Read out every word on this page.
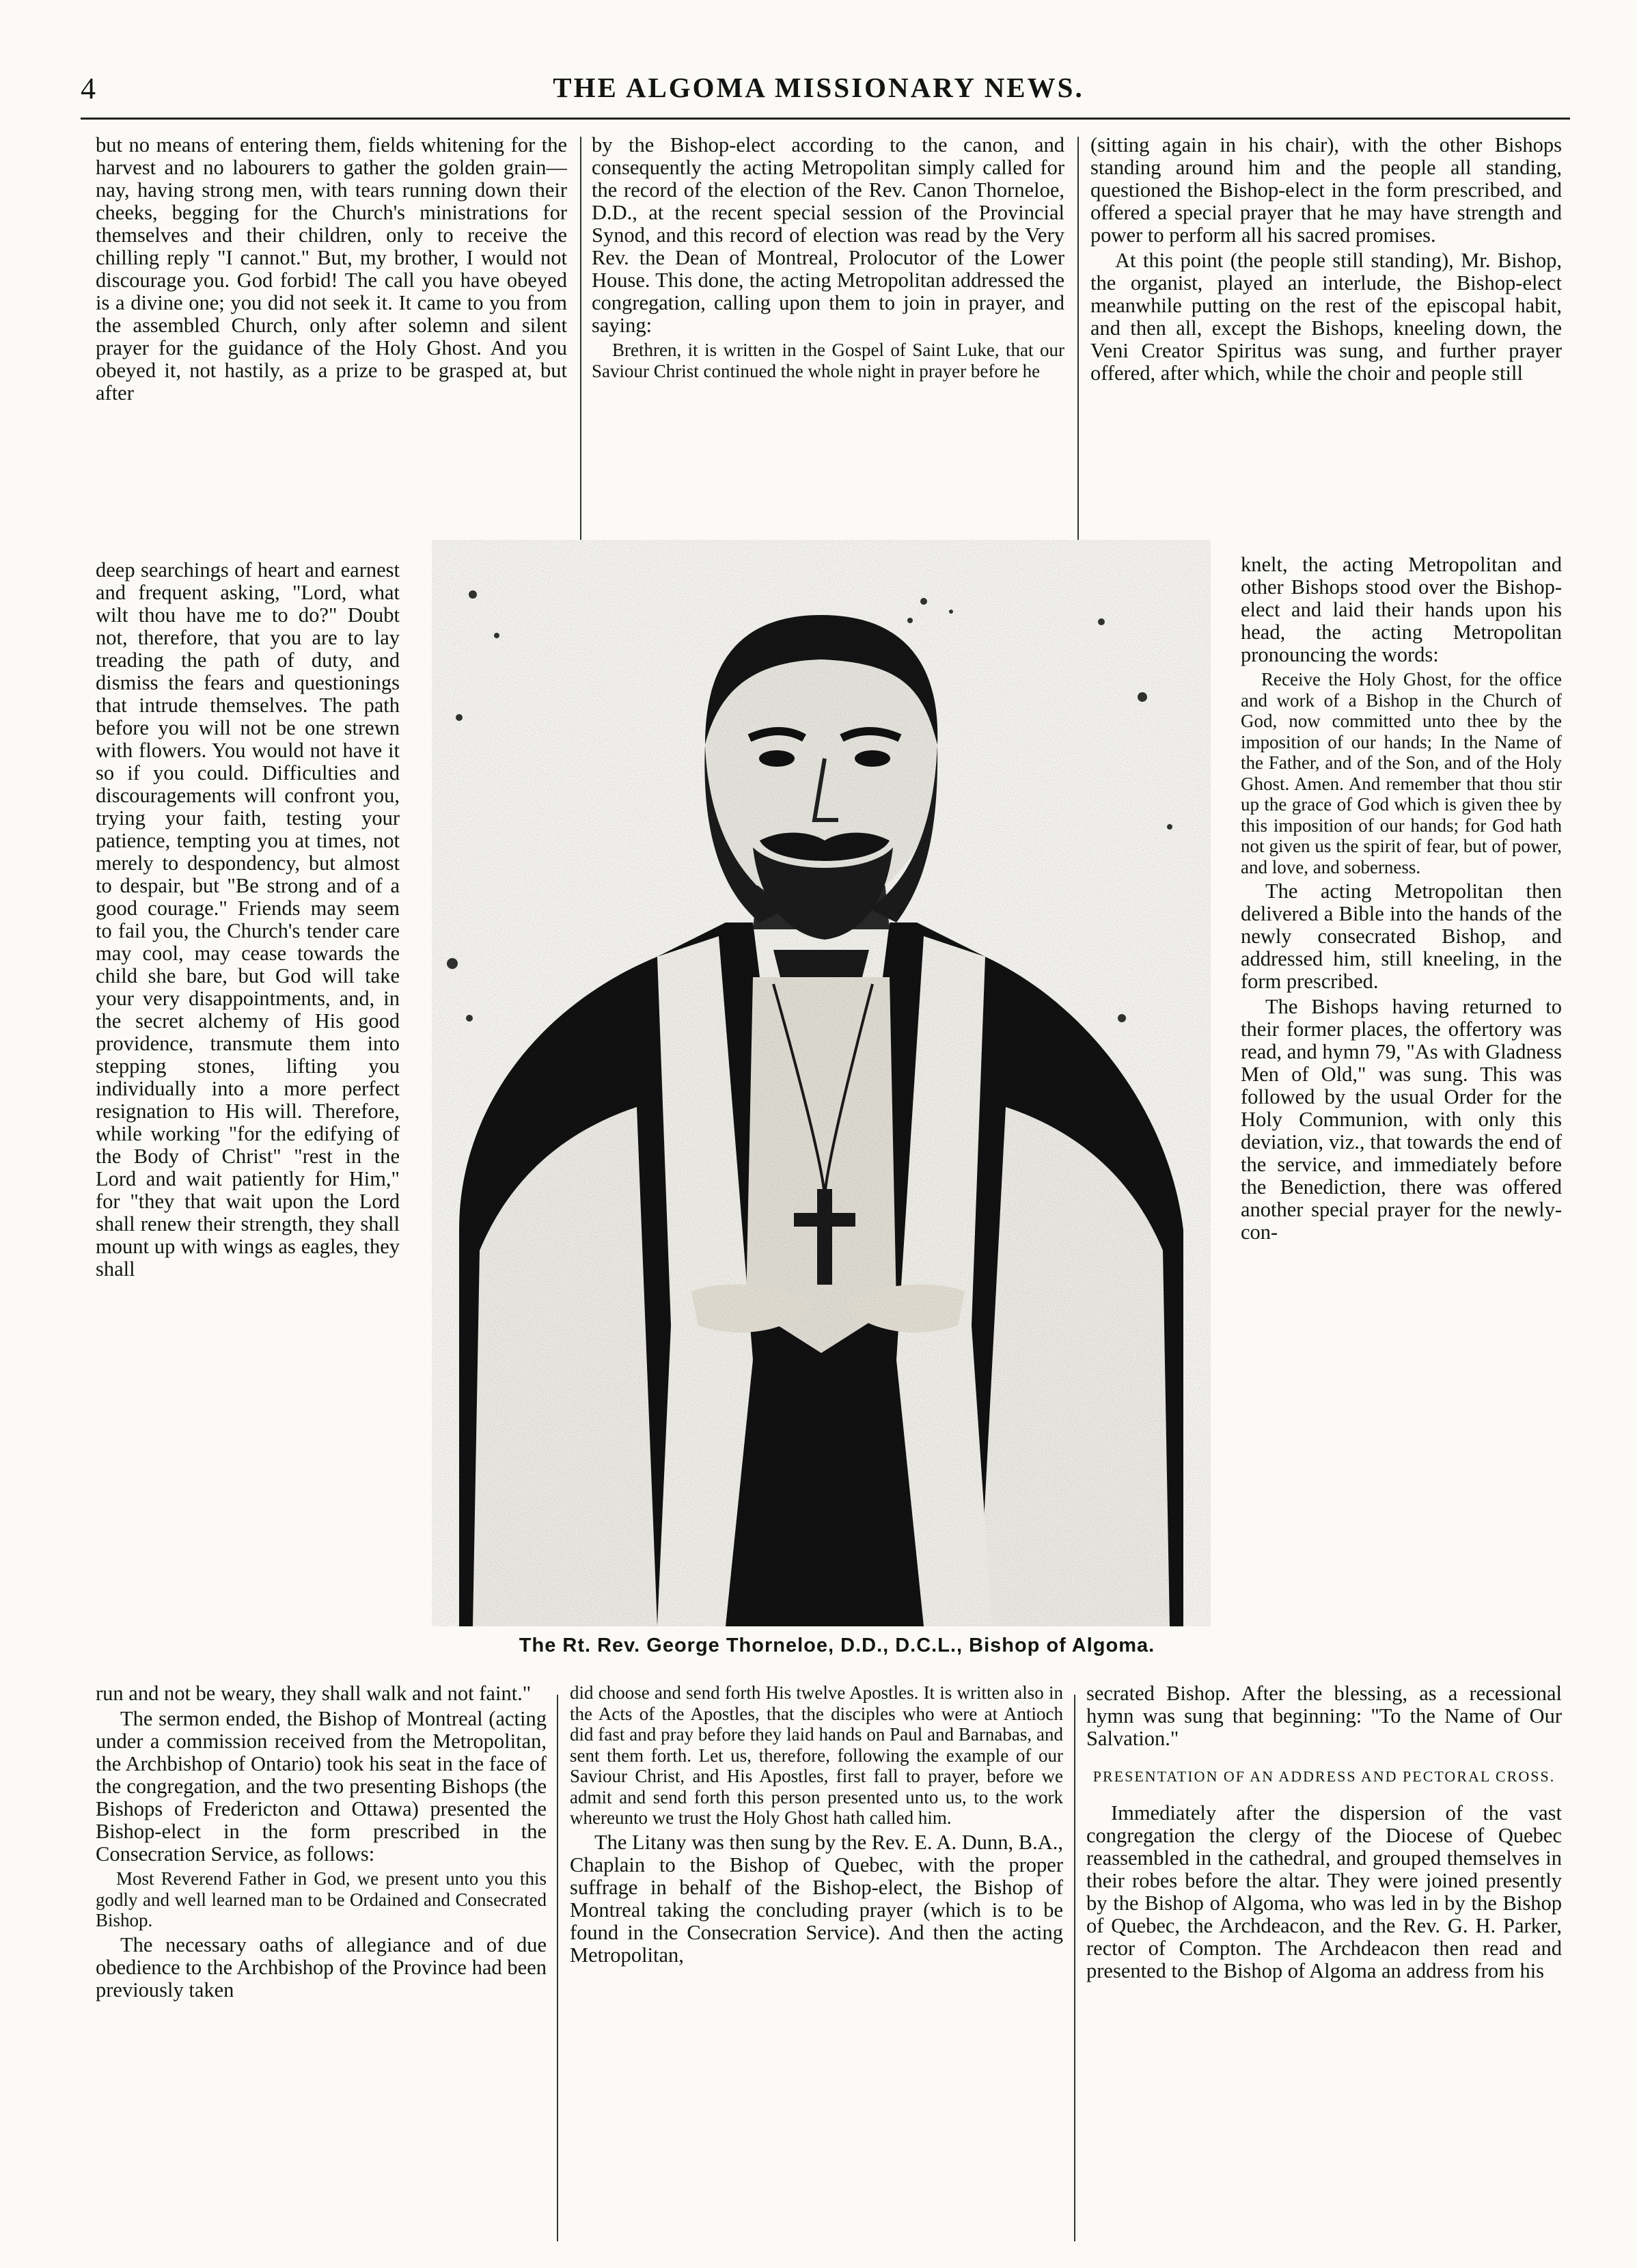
4	THE ALGOMA MISSIONARY NEWS.

but no means of entering them, fields whitening for the harvest and no labourers to gather the golden grain—nay, having strong men, with tears running down their cheeks, begging for the Church's ministrations for themselves and their children, only to receive the chilling reply "I cannot." But, my brother, I would not discourage you. God forbid! The call you have obeyed is a divine one; you did not seek it. It came to you from the assembled Church, only after solemn and silent prayer for the guidance of the Holy Ghost. And you obeyed it, not hastily, as a prize to be grasped at, but after

deep searchings of heart and earnest and frequent asking, "Lord, what wilt thou have me to do?" Doubt not, therefore, that you are to lay treading the path of duty, and dismiss the fears and questionings that intrude themselves. The path before you will not be one strewn with flowers. You would not have it so if you could. Difficulties and discouragements will confront you, trying your faith, testing your patience, tempting you at times, not merely to despondency, but almost to despair, but "Be strong and of a good courage." Friends may seem to fail you, the Church's tender care may cool, may cease towards the child she bare, but God will take your very disappointments, and, in the secret alchemy of His good providence, transmute them into stepping stones, lifting you individually into a more perfect resignation to His will. Therefore, while working "for the edifying of the Body of Christ" "rest in the Lord and wait patiently for Him," for "they that wait upon the Lord shall renew their strength, they shall mount up with wings as eagles, they shall

run and not be weary, they shall walk and not faint."

The sermon ended, the Bishop of Montreal (acting under a commission received from the Metropolitan, the Archbishop of Ontario) took his seat in the face of the congregation, and the two presenting Bishops (the Bishops of Fredericton and Ottawa) presented the Bishop-elect in the form prescribed in the Consecration Service, as follows:

Most Reverend Father in God, we present unto you this godly and well learned man to be Ordained and Consecrated Bishop.

The necessary oaths of allegiance and of due obedience to the Archbishop of the Province had been previously taken

by the Bishop-elect according to the canon, and consequently the acting Metropolitan simply called for the record of the election of the Rev. Canon Thorneloe, D.D., at the recent special session of the Provincial Synod, and this record of election was read by the Very Rev. the Dean of Montreal, Prolocutor of the Lower House. This done, the acting Metropolitan addressed the congregation, calling upon them to join in prayer, and saying:

Brethren, it is written in the Gospel of Saint Luke, that our Saviour Christ continued the whole night in prayer before he

did choose and send forth His twelve Apostles. It is written also in the Acts of the Apostles, that the disciples who were at Antioch did fast and pray before they laid hands on Paul and Barnabas, and sent them forth. Let us, therefore, following the example of our Saviour Christ, and His Apostles, first fall to prayer, before we admit and send forth this person presented unto us, to the work whereunto we trust the Holy Ghost hath called him.

The Litany was then sung by the Rev. E. A. Dunn, B.A., Chaplain to the Bishop of Quebec, with the proper suffrage in behalf of the Bishop-elect, the Bishop of Montreal taking the concluding prayer (which is to be found in the Consecration Service). And then the acting Metropolitan,

(sitting again in his chair), with the other Bishops standing around him and the people all standing, questioned the Bishop-elect in the form prescribed, and offered a special prayer that he may have strength and power to perform all his sacred promises.

At this point (the people still standing), Mr. Bishop, the organist, played an interlude, the Bishop-elect meanwhile putting on the rest of the episcopal habit, and then all, except the Bishops, kneeling down, the Veni Creator Spiritus was sung, and further prayer offered, after which, while the choir and people still

knelt, the acting Metropolitan and other Bishops stood over the Bishop-elect and laid their hands upon his head, the acting Metropolitan pronouncing the words:

Receive the Holy Ghost, for the office and work of a Bishop in the Church of God, now committed unto thee by the imposition of our hands; In the Name of the Father, and of the Son, and of the Holy Ghost. Amen. And remember that thou stir up the grace of God which is given thee by this imposition of our hands; for God hath not given us the spirit of fear, but of power, and love, and soberness.

The acting Metropolitan then delivered a Bible into the hands of the newly consecrated Bishop, and addressed him, still kneeling, in the form prescribed.

The Bishops having returned to their former places, the offertory was read, and hymn 79, "As with Gladness Men of Old," was sung. This was followed by the usual Order for the Holy Communion, with only this deviation, viz., that towards the end of the service, and immediately before the Benediction, there was offered another special prayer for the newly-con-

secrated Bishop. After the blessing, as a recessional hymn was sung that beginning: "To the Name of Our Salvation."

PRESENTATION OF AN ADDRESS AND PECTORAL CROSS.

Immediately after the dispersion of the vast congregation the clergy of the Diocese of Quebec reassembled in the cathedral, and grouped themselves in their robes before the altar. They were joined presently by the Bishop of Algoma, who was led in by the Bishop of Quebec, the Archdeacon, and the Rev. G. H. Parker, rector of Compton. The Archdeacon then read and presented to the Bishop of Algoma an address from his

The Rt. Rev. George Thorneloe, D.D., D.C.L., Bishop of Algoma.
